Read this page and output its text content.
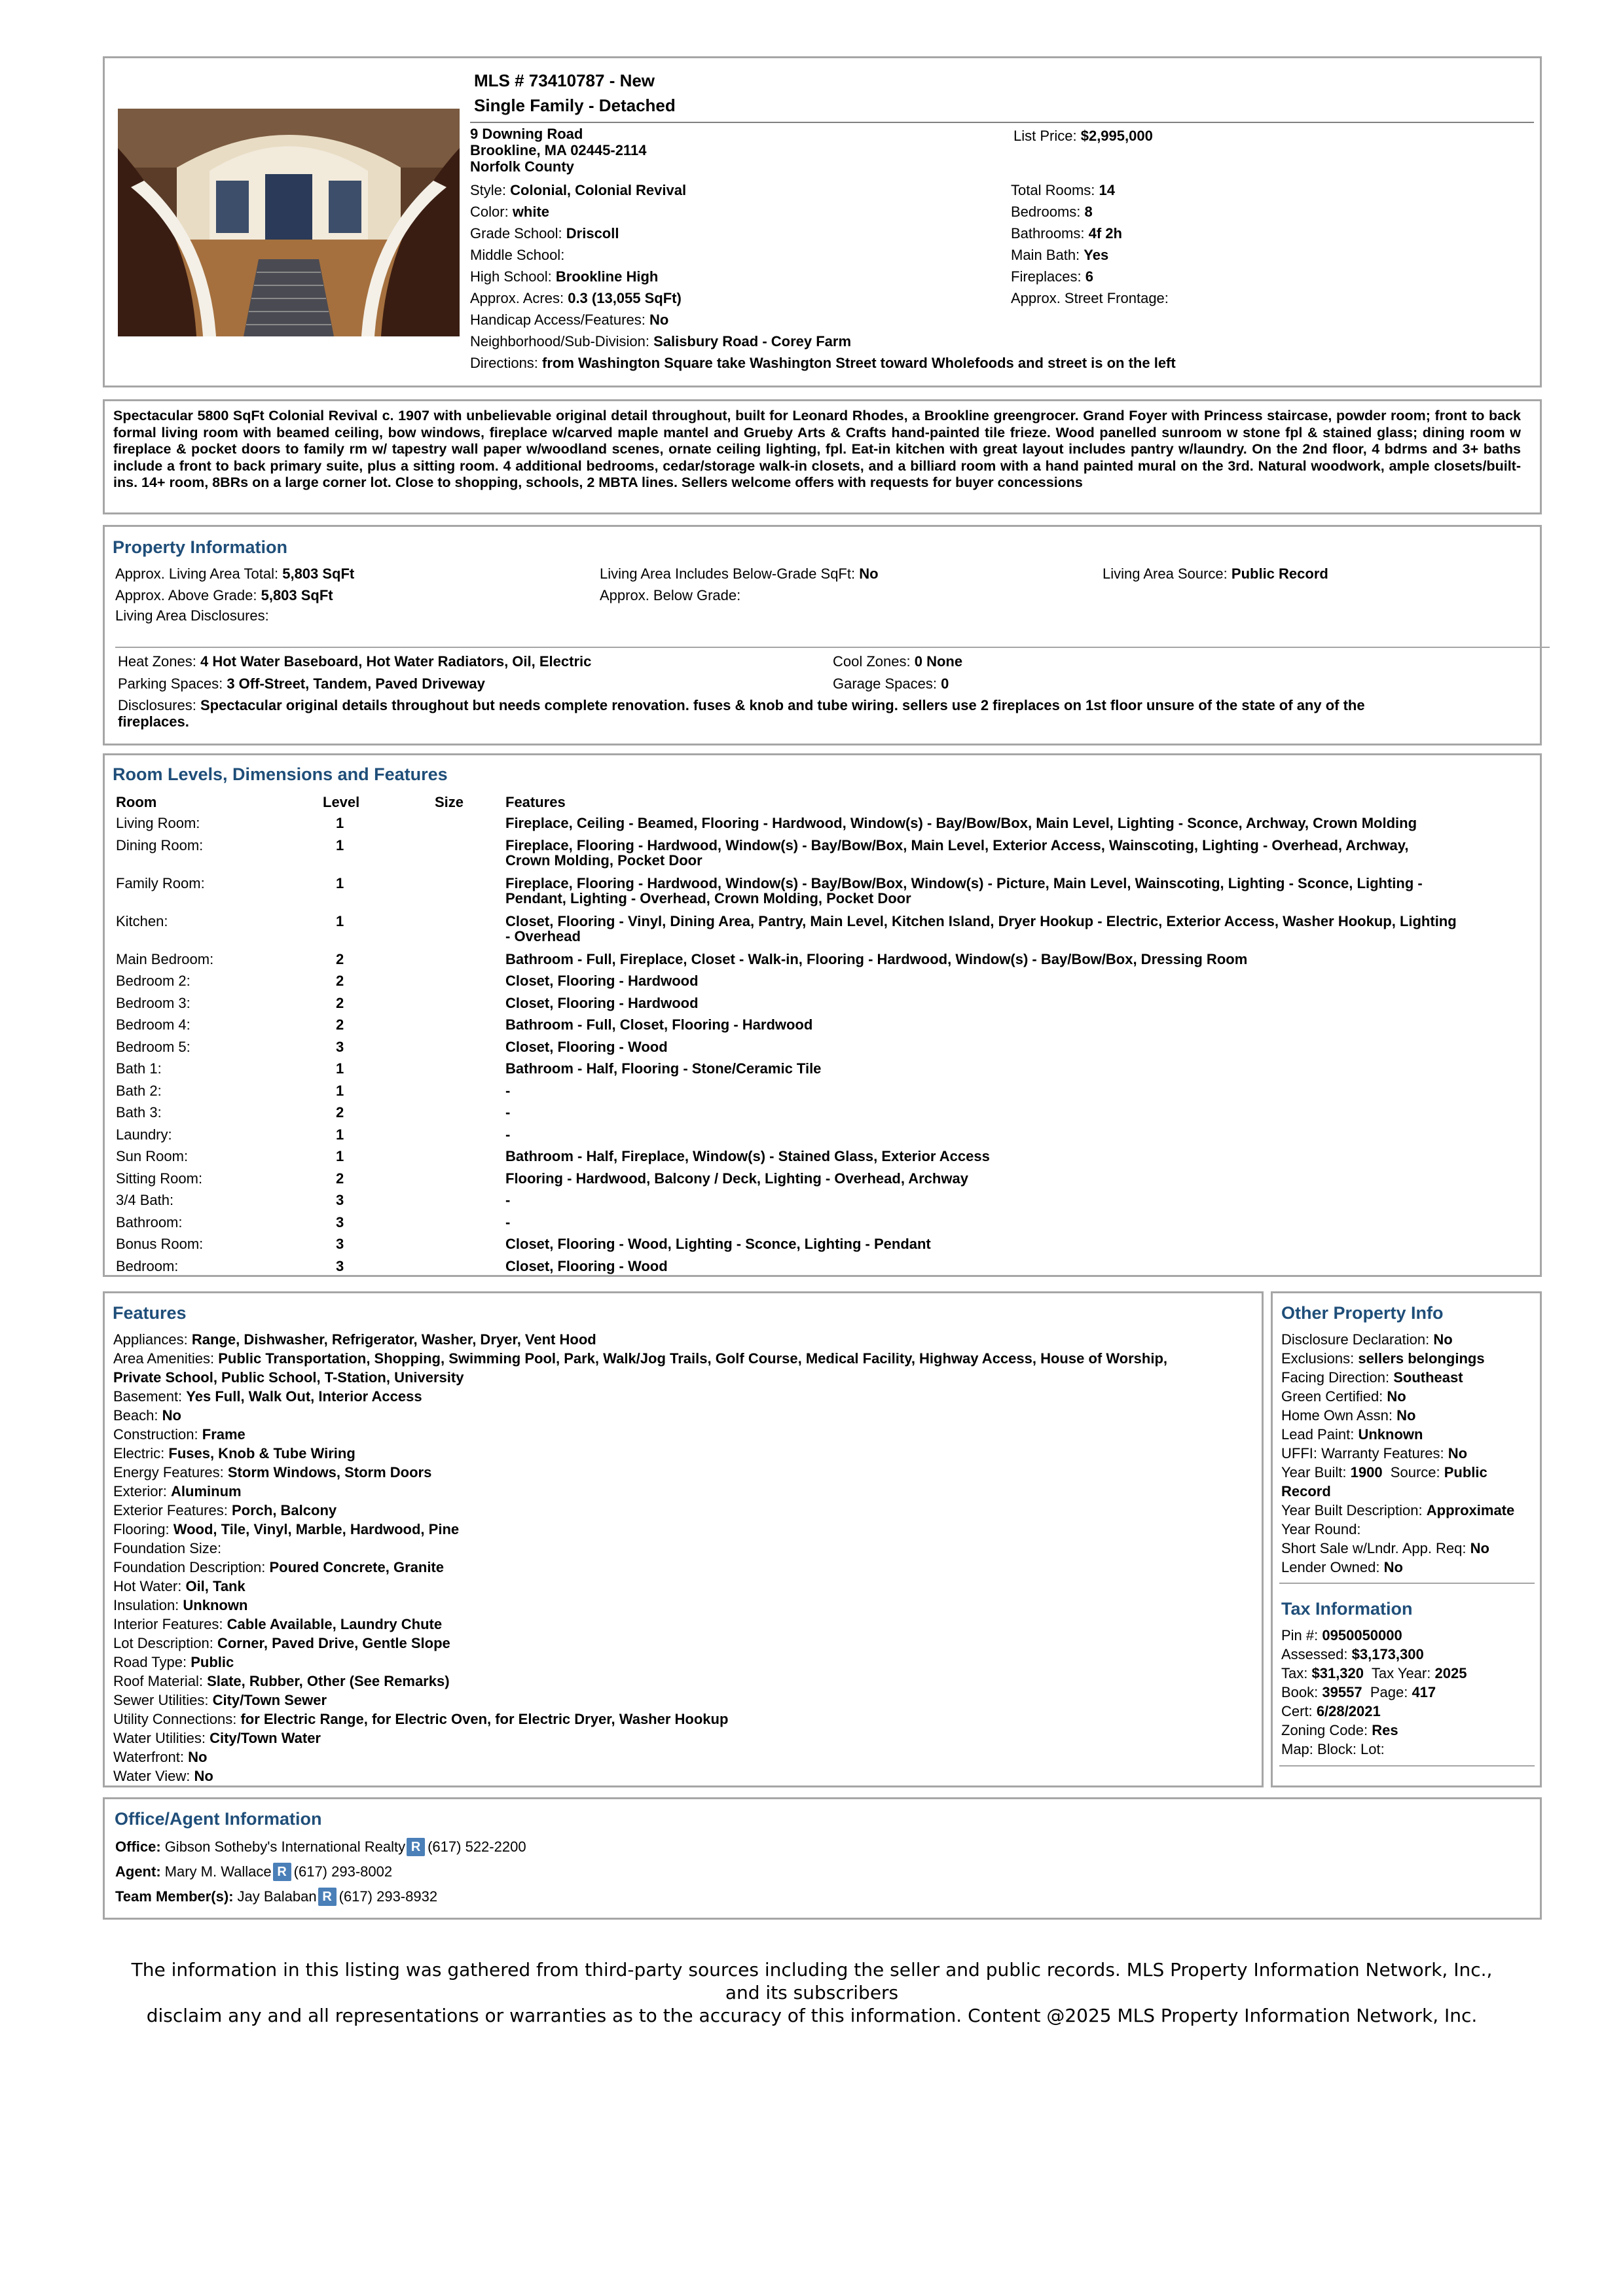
MLS # 73410787 - New
Single Family - Detached
9 Downing Road
Brookline, MA 02445-2114
Norfolk County
List Price: $2,995,000
Style: Colonial, Colonial Revival
Color: white
Grade School: Driscoll
Middle School:
High School: Brookline High
Approx. Acres: 0.3 (13,055 SqFt)
Handicap Access/Features: No
Neighborhood/Sub-Division: Salisbury Road - Corey Farm
Directions: from Washington Square take Washington Street toward Wholefoods and street is on the left
Total Rooms: 14
Bedrooms: 8
Bathrooms: 4f 2h
Main Bath: Yes
Fireplaces: 6
Approx. Street Frontage:
Spectacular 5800 SqFt Colonial Revival c. 1907 with unbelievable original detail throughout, built for Leonard Rhodes, a Brookline greengrocer. Grand Foyer with Princess staircase, powder room; front to back formal living room with beamed ceiling, bow windows, fireplace w/carved maple mantel and Grueby Arts & Crafts hand-painted tile frieze. Wood panelled sunroom w stone fpl & stained glass; dining room w fireplace & pocket doors to family rm w/ tapestry wall paper w/woodland scenes, ornate ceiling lighting, fpl. Eat-in kitchen with great layout includes pantry w/laundry. On the 2nd floor, 4 bdrms and 3+ baths include a front to back primary suite, plus a sitting room. 4 additional bedrooms, cedar/storage walk-in closets, and a billiard room with a hand painted mural on the 3rd. Natural woodwork, ample closets/built-ins. 14+ room, 8BRs on a large corner lot. Close to shopping, schools, 2 MBTA lines. Sellers welcome offers with requests for buyer concessions
Property Information
Approx. Living Area Total: 5,803 SqFt	Living Area Includes Below-Grade SqFt: No	Living Area Source: Public Record
Approx. Above Grade: 5,803 SqFt	Approx. Below Grade:
Living Area Disclosures:
Heat Zones: 4 Hot Water Baseboard, Hot Water Radiators, Oil, Electric	Cool Zones: 0 None
Parking Spaces: 3 Off-Street, Tandem, Paved Driveway	Garage Spaces: 0
Disclosures: Spectacular original details throughout but needs complete renovation. fuses & knob and tube wiring. sellers use 2 fireplaces on 1st floor unsure of the state of any of the
fireplaces.
Room Levels, Dimensions and Features
Room	Level	Size	Features
Living Room:	1	Fireplace, Ceiling - Beamed, Flooring - Hardwood, Window(s) - Bay/Bow/Box, Main Level, Lighting - Sconce, Archway, Crown Molding
Dining Room:	1	Fireplace, Flooring - Hardwood, Window(s) - Bay/Bow/Box, Main Level, Exterior Access, Wainscoting, Lighting - Overhead, Archway,
Crown Molding, Pocket Door
Family Room:	1	Fireplace, Flooring - Hardwood, Window(s) - Bay/Bow/Box, Window(s) - Picture, Main Level, Wainscoting, Lighting - Sconce, Lighting -
Pendant, Lighting - Overhead, Crown Molding, Pocket Door
Kitchen:	1	Closet, Flooring - Vinyl, Dining Area, Pantry, Main Level, Kitchen Island, Dryer Hookup - Electric, Exterior Access, Washer Hookup, Lighting
- Overhead
Main Bedroom:	2	Bathroom - Full, Fireplace, Closet - Walk-in, Flooring - Hardwood, Window(s) - Bay/Bow/Box, Dressing Room
Bedroom 2:	2	Closet, Flooring - Hardwood
Bedroom 3:	2	Closet, Flooring - Hardwood
Bedroom 4:	2	Bathroom - Full, Closet, Flooring - Hardwood
Bedroom 5:	3	Closet, Flooring - Wood
Bath 1:	1	Bathroom - Half, Flooring - Stone/Ceramic Tile
Bath 2:	1	-
Bath 3:	2	-
Laundry:	1	-
Sun Room:	1	Bathroom - Half, Fireplace, Window(s) - Stained Glass, Exterior Access
Sitting Room:	2	Flooring - Hardwood, Balcony / Deck, Lighting - Overhead, Archway
3/4 Bath:	3	-
Bathroom:	3	-
Bonus Room:	3	Closet, Flooring - Wood, Lighting - Sconce, Lighting - Pendant
Bedroom:	3	Closet, Flooring - Wood
Features
Appliances: Range, Dishwasher, Refrigerator, Washer, Dryer, Vent Hood
Area Amenities: Public Transportation, Shopping, Swimming Pool, Park, Walk/Jog Trails, Golf Course, Medical Facility, Highway Access, House of Worship,
Private School, Public School, T-Station, University
Basement: Yes Full, Walk Out, Interior Access
Beach: No
Construction: Frame
Electric: Fuses, Knob & Tube Wiring
Energy Features: Storm Windows, Storm Doors
Exterior: Aluminum
Exterior Features: Porch, Balcony
Flooring: Wood, Tile, Vinyl, Marble, Hardwood, Pine
Foundation Size:
Foundation Description: Poured Concrete, Granite
Hot Water: Oil, Tank
Insulation: Unknown
Interior Features: Cable Available, Laundry Chute
Lot Description: Corner, Paved Drive, Gentle Slope
Road Type: Public
Roof Material: Slate, Rubber, Other (See Remarks)
Sewer Utilities: City/Town Sewer
Utility Connections: for Electric Range, for Electric Oven, for Electric Dryer, Washer Hookup
Water Utilities: City/Town Water
Waterfront: No
Water View: No
Other Property Info
Disclosure Declaration: No
Exclusions: sellers belongings
Facing Direction: Southeast
Green Certified: No
Home Own Assn: No
Lead Paint: Unknown
UFFI: Warranty Features: No
Year Built: 1900 Source: Public
Record
Year Built Description: Approximate
Year Round:
Short Sale w/Lndr. App. Req: No
Lender Owned: No
Tax Information
Pin #: 0950050000
Assessed: $3,173,300
Tax: $31,320 Tax Year: 2025
Book: 39557 Page: 417
Cert: 6/28/2021
Zoning Code: Res
Map: Block: Lot:
Office/Agent Information
Office: Gibson Sotheby's International Realty R (617) 522-2200
Agent: Mary M. Wallace R (617) 293-8002
Team Member(s): Jay Balaban R (617) 293-8932
The information in this listing was gathered from third-party sources including the seller and public records. MLS Property Information Network, Inc., and its subscribers
disclaim any and all representations or warranties as to the accuracy of this information. Content @2025 MLS Property Information Network, Inc.
